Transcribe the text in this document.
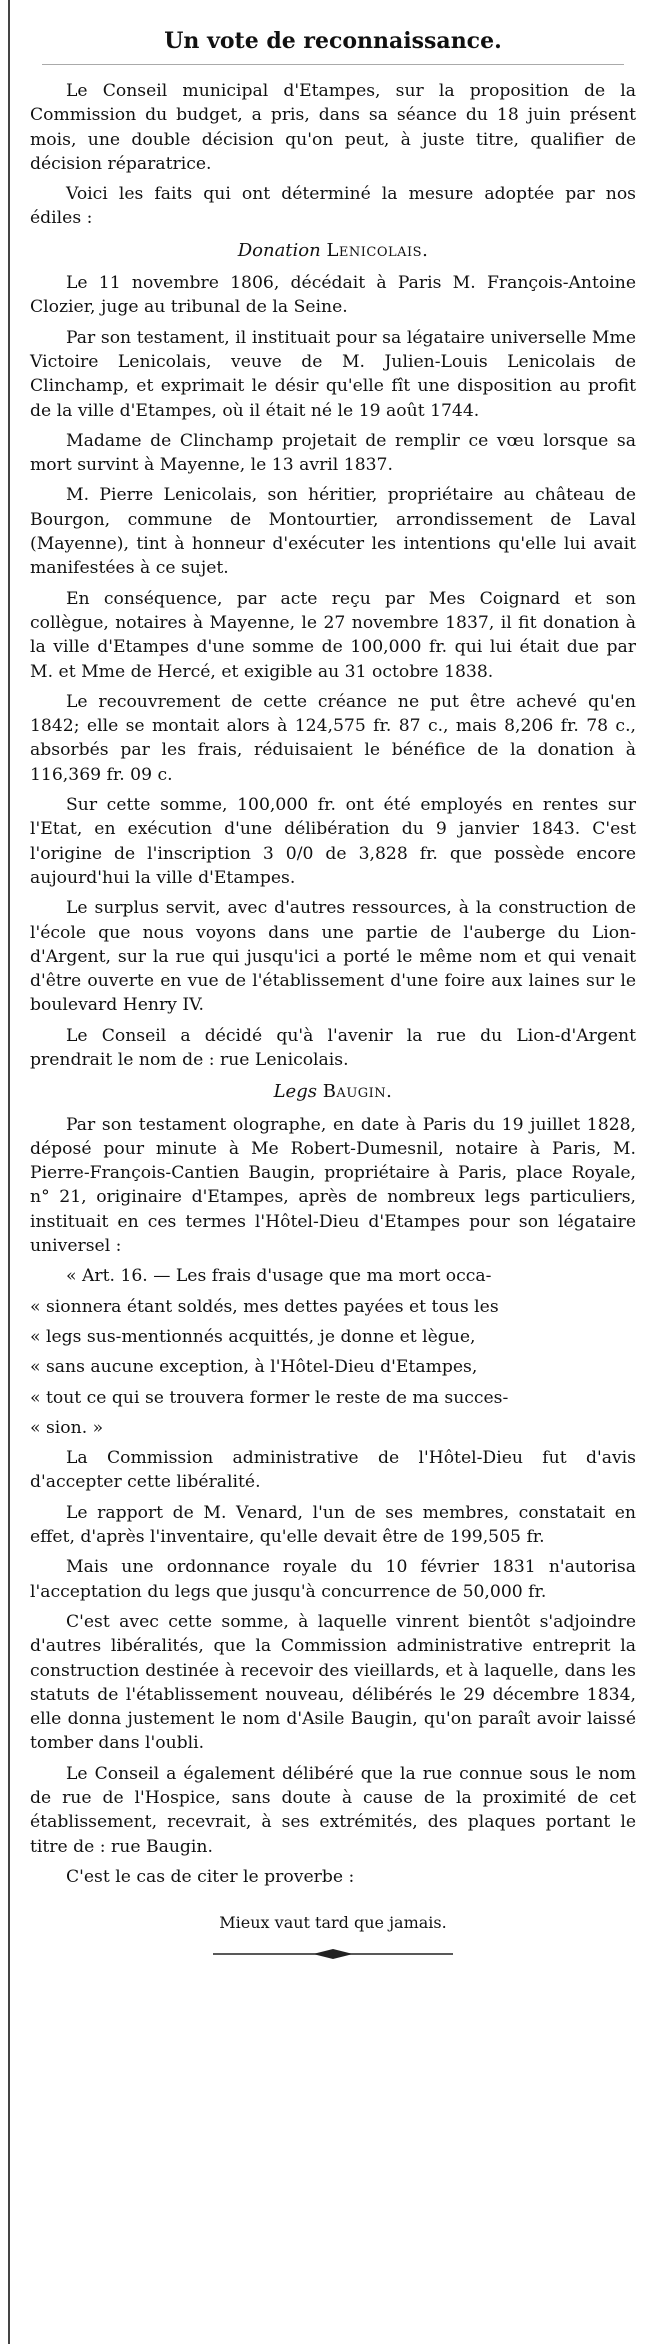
Un vote de reconnaissance.

Le Conseil municipal d'Etampes, sur la proposition de la Commission du budget, a pris, dans sa séance du 18 juin présent mois, une double décision qu'on peut, à juste titre, qualifier de décision réparatrice.

Voici les faits qui ont déterminé la mesure adoptée par nos édiles :

Donation Lenicolais.

Le 11 novembre 1806, décédait à Paris M. François-Antoine Clozier, juge au tribunal de la Seine.

Par son testament, il instituait pour sa légataire universelle Mme Victoire Lenicolais, veuve de M. Julien-Louis Lenicolais de Clinchamp, et exprimait le désir qu'elle fît une disposition au profit de la ville d'Etampes, où il était né le 19 août 1744.

Madame de Clinchamp projetait de remplir ce vœu lorsque sa mort survint à Mayenne, le 13 avril 1837.

M. Pierre Lenicolais, son héritier, propriétaire au château de Bourgon, commune de Montourtier, arrondissement de Laval (Mayenne), tint à honneur d'exécuter les intentions qu'elle lui avait manifestées à ce sujet.

En conséquence, par acte reçu par Mes Coignard et son collègue, notaires à Mayenne, le 27 novembre 1837, il fit donation à la ville d'Etampes d'une somme de 100,000 fr. qui lui était due par M. et Mme de Hercé, et exigible au 31 octobre 1838.

Le recouvrement de cette créance ne put être achevé qu'en 1842; elle se montait alors à 124,575 fr. 87 c., mais 8,206 fr. 78 c., absorbés par les frais, réduisaient le bénéfice de la donation à 116,369 fr. 09 c.

Sur cette somme, 100,000 fr. ont été employés en rentes sur l'Etat, en exécution d'une délibération du 9 janvier 1843. C'est l'origine de l'inscription 3 0/0 de 3,828 fr. que possède encore aujourd'hui la ville d'Etampes.

Le surplus servit, avec d'autres ressources, à la construction de l'école que nous voyons dans une partie de l'auberge du Lion-d'Argent, sur la rue qui jusqu'ici a porté le même nom et qui venait d'être ouverte en vue de l'établissement d'une foire aux laines sur le boulevard Henry IV.

Le Conseil a décidé qu'à l'avenir la rue du Lion-d'Argent prendrait le nom de : rue Lenicolais.

Legs Baugin.

Par son testament olographe, en date à Paris du 19 juillet 1828, déposé pour minute à Me Robert-Dumesnil, notaire à Paris, M. Pierre-François-Cantien Baugin, propriétaire à Paris, place Royale, n° 21, originaire d'Etampes, après de nombreux legs particuliers, instituait en ces termes l'Hôtel-Dieu d'Etampes pour son légataire universel :

« Art. 16. — Les frais d'usage que ma mort occa-

« sionnera étant soldés, mes dettes payées et tous les

« legs sus-mentionnés acquittés, je donne et lègue,

« sans aucune exception, à l'Hôtel-Dieu d'Etampes,

« tout ce qui se trouvera former le reste de ma succes-

« sion. »

La Commission administrative de l'Hôtel-Dieu fut d'avis d'accepter cette libéralité.

Le rapport de M. Venard, l'un de ses membres, constatait en effet, d'après l'inventaire, qu'elle devait être de 199,505 fr.

Mais une ordonnance royale du 10 février 1831 n'autorisa l'acceptation du legs que jusqu'à concurrence de 50,000 fr.

C'est avec cette somme, à laquelle vinrent bientôt s'adjoindre d'autres libéralités, que la Commission administrative entreprit la construction destinée à recevoir des vieillards, et à laquelle, dans les statuts de l'établissement nouveau, délibérés le 29 décembre 1834, elle donna justement le nom d'Asile Baugin, qu'on paraît avoir laissé tomber dans l'oubli.

Le Conseil a également délibéré que la rue connue sous le nom de rue de l'Hospice, sans doute à cause de la proximité de cet établissement, recevrait, à ses extrémités, des plaques portant le titre de : rue Baugin.

C'est le cas de citer le proverbe :

Mieux vaut tard que jamais.
